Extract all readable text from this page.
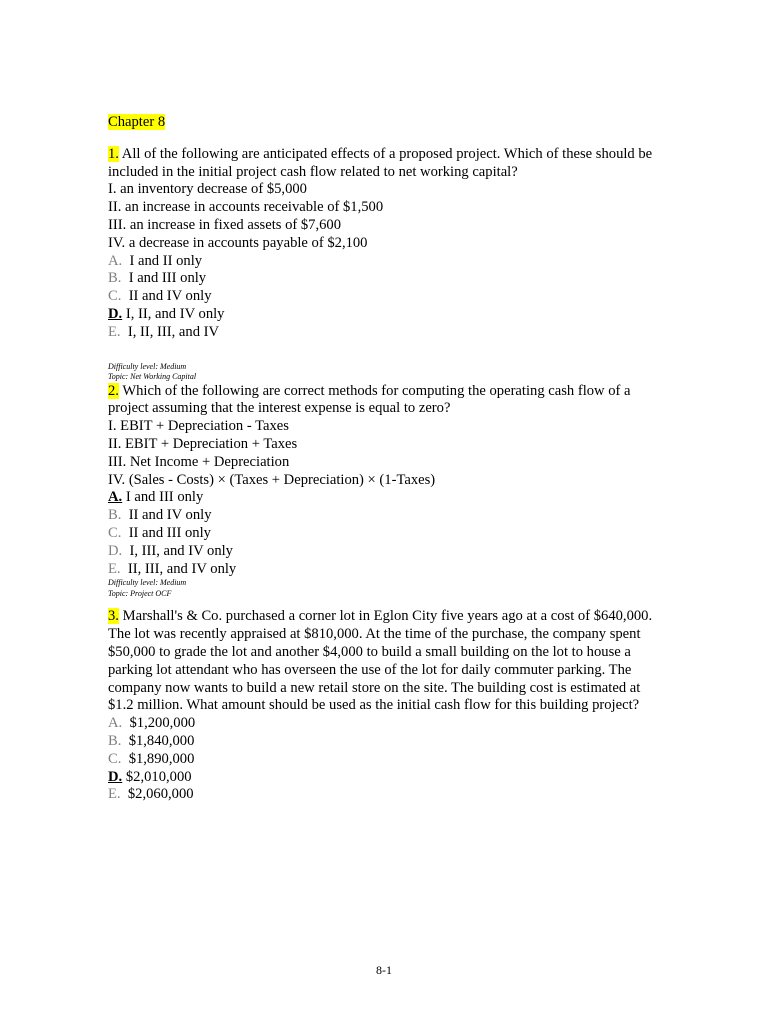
Chapter 8
1. All of the following are anticipated effects of a proposed project. Which of these should be included in the initial project cash flow related to net working capital?
I. an inventory decrease of $5,000
II. an increase in accounts receivable of $1,500
III. an increase in fixed assets of $7,600
IV. a decrease in accounts payable of $2,100
A. I and II only
B. I and III only
C. II and IV only
D. I, II, and IV only
E. I, II, III, and IV
Difficulty level: Medium
Topic: Net Working Capital
2. Which of the following are correct methods for computing the operating cash flow of a project assuming that the interest expense is equal to zero?
I. EBIT + Depreciation - Taxes
II. EBIT + Depreciation + Taxes
III. Net Income + Depreciation
IV. (Sales - Costs) × (Taxes + Depreciation) × (1-Taxes)
A. I and III only
B. II and IV only
C. II and III only
D. I, III, and IV only
E. II, III, and IV only
Difficulty level: Medium
Topic: Project OCF
3. Marshall's & Co. purchased a corner lot in Eglon City five years ago at a cost of $640,000. The lot was recently appraised at $810,000. At the time of the purchase, the company spent $50,000 to grade the lot and another $4,000 to build a small building on the lot to house a parking lot attendant who has overseen the use of the lot for daily commuter parking. The company now wants to build a new retail store on the site. The building cost is estimated at $1.2 million. What amount should be used as the initial cash flow for this building project?
A. $1,200,000
B. $1,840,000
C. $1,890,000
D. $2,010,000
E. $2,060,000
8-1
